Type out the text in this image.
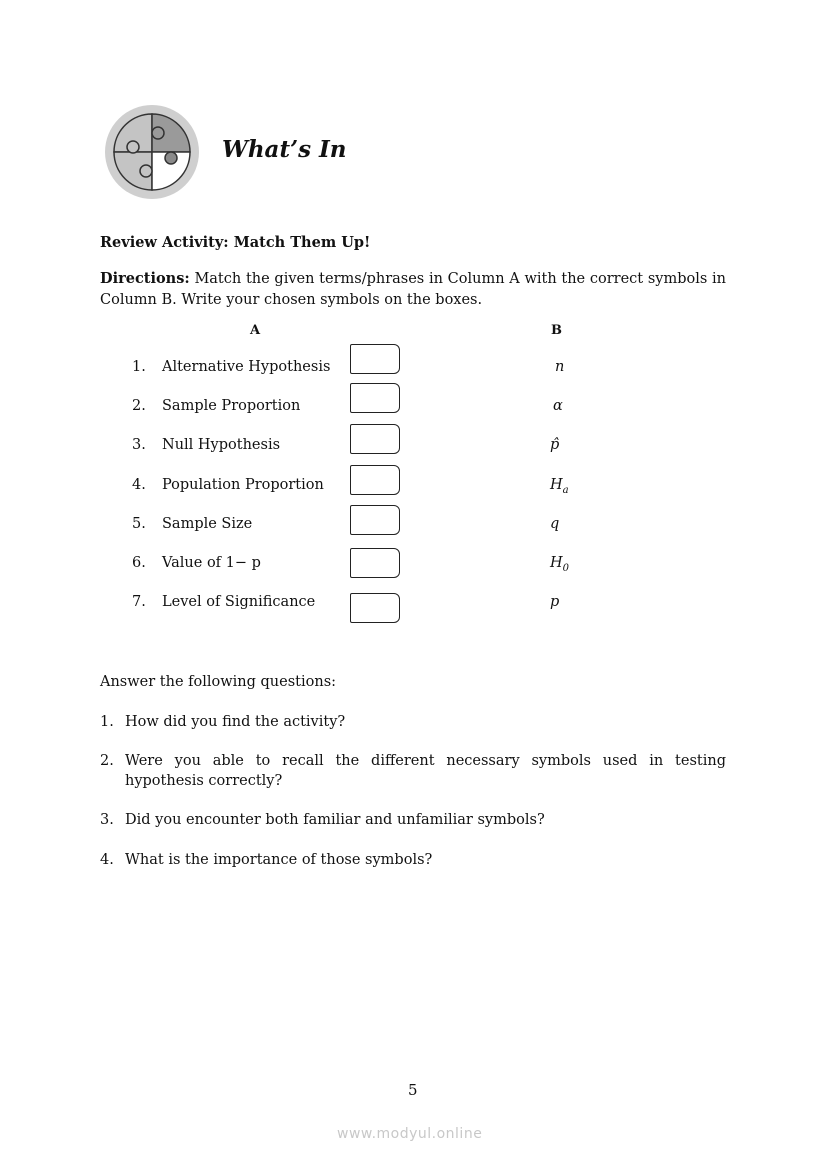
What’s In
Review Activity: Match Them Up!
Directions: Match the given terms/phrases in Column A with the correct symbols in Column B. Write your chosen symbols on the boxes.
A	B
1.	Alternative Hypothesis	n
2.	Sample Proportion	α
3.	Null Hypothesis	p̂
4.	Population Proportion	$H_a$
5.	Sample Size	q
6.	Value of 1− p	$H_0$
7.	Level of Significance	p
Answer the following questions:
1. How did you find the activity?
2. Were you able to recall the different necessary symbols used in testing hypothesis correctly?
3. Did you encounter both familiar and unfamiliar symbols?
4. What is the importance of those symbols?
5
www.modyul.online
